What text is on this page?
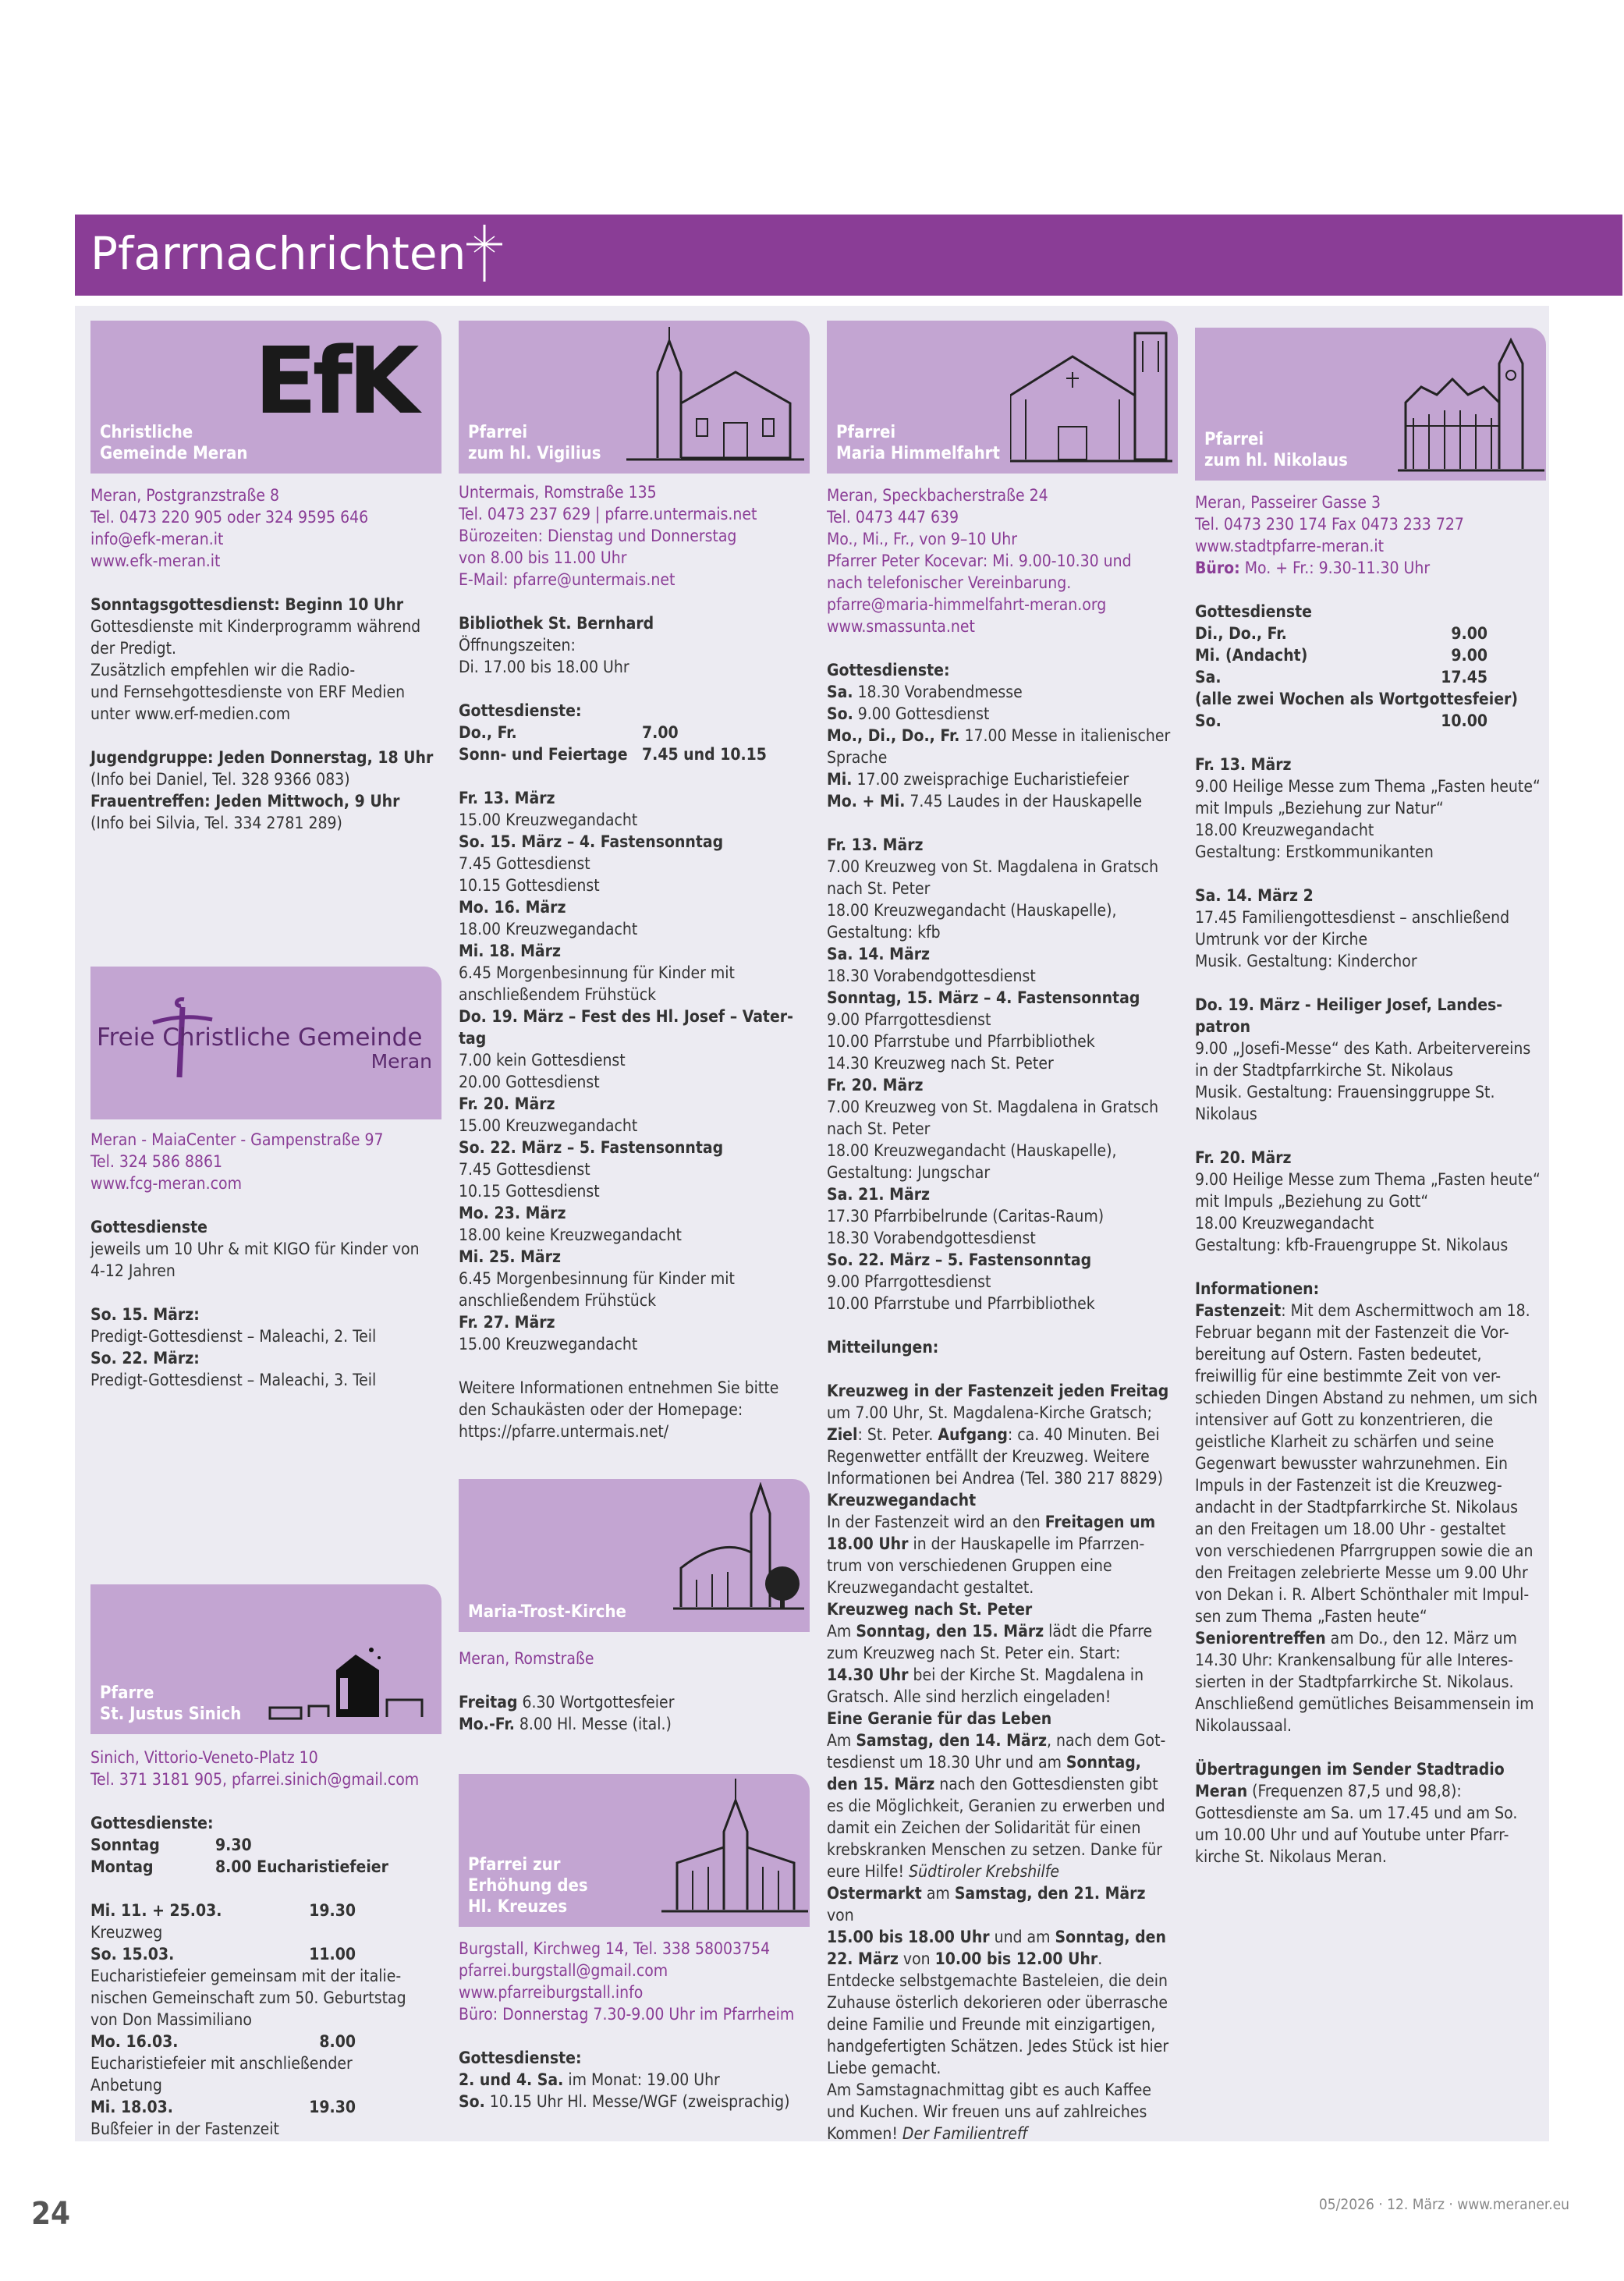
Pfarrnachrichten
EfK
Christliche
Gemeinde Meran
Meran, Postgranzstraße 8
Tel. 0473 220 905 oder 324 9595 646
info@efk-meran.it
www.efk-meran.it
Sonntagsgottesdienst: Beginn 10 Uhr
Gottesdienste mit Kinderprogramm während
der Predigt.
Zusätzlich empfehlen wir die Radio-
und Fernsehgottesdienste von ERF Medien
unter www.erf-medien.com
Jugendgruppe: Jeden Donnerstag, 18 Uhr
(Info bei Daniel, Tel. 328 9366 083)
Frauentreffen: Jeden Mittwoch, 9 Uhr
(Info bei Silvia, Tel. 334 2781 289)
Freie Christliche Gemeinde
Meran
Meran - MaiaCenter - Gampenstraße 97
Tel. 324 586 8861
www.fcg-meran.com
Gottesdienste
jeweils um 10 Uhr & mit KIGO für Kinder von
4-12 Jahren
So. 15. März:
Predigt-Gottesdienst – Maleachi, 2. Teil
So. 22. März:
Predigt-Gottesdienst – Maleachi, 3. Teil
Pfarre
St. Justus Sinich
Sinich, Vittorio-Veneto-Platz 10
Tel. 371 3181 905, pfarrei.sinich@gmail.com
Gottesdienste:
Sonntag	9.30
Montag	8.00 Eucharistiefeier
Mi. 11. + 25.03.	19.30
Kreuzweg
So. 15.03.	11.00
Eucharistiefeier gemeinsam mit der italie-
nischen Gemeinschaft zum 50. Geburtstag
von Don Massimiliano
Mo. 16.03.	8.00
Eucharistiefeier mit anschließender Anbetung
Mi. 18.03.	19.30
Bußfeier in der Fastenzeit
Pfarrei
zum hl. Vigilius
Untermais, Romstraße 135
Tel. 0473 237 629 | pfarre.untermais.net
Bürozeiten: Dienstag und Donnerstag
von 8.00 bis 11.00 Uhr
E-Mail: pfarre@untermais.net
Bibliothek St. Bernhard
Öffnungszeiten:
Di. 17.00 bis 18.00 Uhr
Gottesdienste:
Do., Fr.	7.00
Sonn- und Feiertage 7.45 und 10.15
Fr. 13. März
15.00 Kreuzwegandacht
So. 15. März – 4. Fastensonntag
7.45 Gottesdienst
10.15 Gottesdienst
Mo. 16. März
18.00 Kreuzwegandacht
Mi. 18. März
6.45 Morgenbesinnung für Kinder mit
anschließendem Frühstück
Do. 19. März – Fest des Hl. Josef – Vater-
tag
7.00 kein Gottesdienst
20.00 Gottesdienst
Fr. 20. März
15.00 Kreuzwegandacht
So. 22. März – 5. Fastensonntag
7.45 Gottesdienst
10.15 Gottesdienst
Mo. 23. März
18.00 keine Kreuzwegandacht
Mi. 25. März
6.45 Morgenbesinnung für Kinder mit
anschließendem Frühstück
Fr. 27. März
15.00 Kreuzwegandacht
Weitere Informationen entnehmen Sie bitte
den Schaukästen oder der Homepage:
https://pfarre.untermais.net/
Maria-Trost-Kirche
Meran, Romstraße
Freitag 6.30 Wortgottesfeier
Mo.-Fr. 8.00 Hl. Messe (ital.)
Pfarrei zur
Erhöhung des
Hl. Kreuzes
Burgstall, Kirchweg 14, Tel. 338 58003754
pfarrei.burgstall@gmail.com
www.pfarreiburgstall.info
Büro: Donnerstag 7.30-9.00 Uhr im Pfarrheim
Gottesdienste:
2. und 4. Sa. im Monat: 19.00 Uhr
So. 10.15 Uhr Hl. Messe/WGF (zweisprachig)
Pfarrei
Maria Himmelfahrt
Meran, Speckbacherstraße 24
Tel. 0473 447 639
Mo., Mi., Fr., von 9–10 Uhr
Pfarrer Peter Kocevar: Mi. 9.00-10.30 und
nach telefonischer Vereinbarung.
pfarre@maria-himmelfahrt-meran.org
www.smassunta.net
Gottesdienste:
Sa. 18.30 Vorabendmesse
So. 9.00 Gottesdienst
Mo., Di., Do., Fr. 17.00 Messe in italienischer
Sprache
Mi. 17.00 zweisprachige Eucharistiefeier
Mo. + Mi. 7.45 Laudes in der Hauskapelle
Fr. 13. März
7.00 Kreuzweg von St. Magdalena in Gratsch
nach St. Peter
18.00 Kreuzwegandacht (Hauskapelle),
Gestaltung: kfb
Sa. 14. März
18.30 Vorabendgottesdienst
Sonntag, 15. März – 4. Fastensonntag
9.00 Pfarrgottesdienst
10.00 Pfarrstube und Pfarrbibliothek
14.30 Kreuzweg nach St. Peter
Fr. 20. März
7.00 Kreuzweg von St. Magdalena in Gratsch
nach St. Peter
18.00 Kreuzwegandacht (Hauskapelle),
Gestaltung: Jungschar
Sa. 21. März
17.30 Pfarrbibelrunde (Caritas-Raum)
18.30 Vorabendgottesdienst
So. 22. März – 5. Fastensonntag
9.00 Pfarrgottesdienst
10.00 Pfarrstube und Pfarrbibliothek
Mitteilungen:
Kreuzweg in der Fastenzeit jeden Freitag
um 7.00 Uhr, St. Magdalena-Kirche Gratsch;
Ziel: St. Peter. Aufgang: ca. 40 Minuten. Bei
Regenwetter entfällt der Kreuzweg. Weitere
Informationen bei Andrea (Tel. 380 217 8829)
Kreuzwegandacht
In der Fastenzeit wird an den Freitagen um
18.00 Uhr in der Hauskapelle im Pfarrzen-
trum von verschiedenen Gruppen eine
Kreuzwegandacht gestaltet.
Kreuzweg nach St. Peter
Am Sonntag, den 15. März lädt die Pfarre
zum Kreuzweg nach St. Peter ein. Start:
14.30 Uhr bei der Kirche St. Magdalena in
Gratsch. Alle sind herzlich eingeladen!
Eine Geranie für das Leben
Am Samstag, den 14. März, nach dem Got-
tesdienst um 18.30 Uhr und am Sonntag,
den 15. März nach den Gottesdiensten gibt
es die Möglichkeit, Geranien zu erwerben und
damit ein Zeichen der Solidarität für einen
krebskranken Menschen zu setzen. Danke für
eure Hilfe! Südtiroler Krebshilfe
Ostermarkt am Samstag, den 21. März von
15.00 bis 18.00 Uhr und am Sonntag, den
22. März von 10.00 bis 12.00 Uhr.
Entdecke selbstgemachte Basteleien, die dein
Zuhause österlich dekorieren oder überrasche
deine Familie und Freunde mit einzigartigen,
handgefertigten Schätzen. Jedes Stück ist hier
Liebe gemacht.
Am Samstagnachmittag gibt es auch Kaffee
und Kuchen. Wir freuen uns auf zahlreiches
Kommen! Der Familientreff
Pfarrei
zum hl. Nikolaus
Meran, Passeirer Gasse 3
Tel. 0473 230 174 Fax 0473 233 727
www.stadtpfarre-meran.it
Büro: Mo. + Fr.: 9.30-11.30 Uhr
Gottesdienste
Di., Do., Fr.	9.00
Mi. (Andacht)	9.00
Sa.	17.45
(alle zwei Wochen als Wortgottesfeier)
So.	10.00
Fr. 13. März
9.00 Heilige Messe zum Thema „Fasten heute“
mit Impuls „Beziehung zur Natur“
18.00 Kreuzwegandacht
Gestaltung: Erstkommunikanten
Sa. 14. März 2
17.45 Familiengottesdienst – anschließend
Umtrunk vor der Kirche
Musik. Gestaltung: Kinderchor
Do. 19. März - Heiliger Josef, Landes-
patron
9.00 „Josefi-Messe“ des Kath. Arbeitervereins
in der Stadtpfarrkirche St. Nikolaus
Musik. Gestaltung: Frauensinggruppe St.
Nikolaus
Fr. 20. März
9.00 Heilige Messe zum Thema „Fasten heute“
mit Impuls „Beziehung zu Gott“
18.00 Kreuzwegandacht
Gestaltung: kfb-Frauengruppe St. Nikolaus
Informationen:
Fastenzeit: Mit dem Aschermittwoch am 18.
Februar begann mit der Fastenzeit die Vor-
bereitung auf Ostern. Fasten bedeutet,
freiwillig für eine bestimmte Zeit von ver-
schieden Dingen Abstand zu nehmen, um sich
intensiver auf Gott zu konzentrieren, die
geistliche Klarheit zu schärfen und seine
Gegenwart bewusster wahrzunehmen. Ein
Impuls in der Fastenzeit ist die Kreuzweg-
andacht in der Stadtpfarrkirche St. Nikolaus
an den Freitagen um 18.00 Uhr - gestaltet
von verschiedenen Pfarrgruppen sowie die an
den Freitagen zelebrierte Messe um 9.00 Uhr
von Dekan i. R. Albert Schönthaler mit Impul-
sen zum Thema „Fasten heute“
Seniorentreffen am Do., den 12. März um
14.30 Uhr: Krankensalbung für alle Interes-
sierten in der Stadtpfarrkirche St. Nikolaus.
Anschließend gemütliches Beisammensein im
Nikolaussaal.
Übertragungen im Sender Stadtradio
Meran (Frequenzen 87,5 und 98,8):
Gottesdienste am Sa. um 17.45 und am So.
um 10.00 Uhr und auf Youtube unter Pfarr-
kirche St. Nikolaus Meran.
24	05/2026 · 12. März · www.meraner.eu
